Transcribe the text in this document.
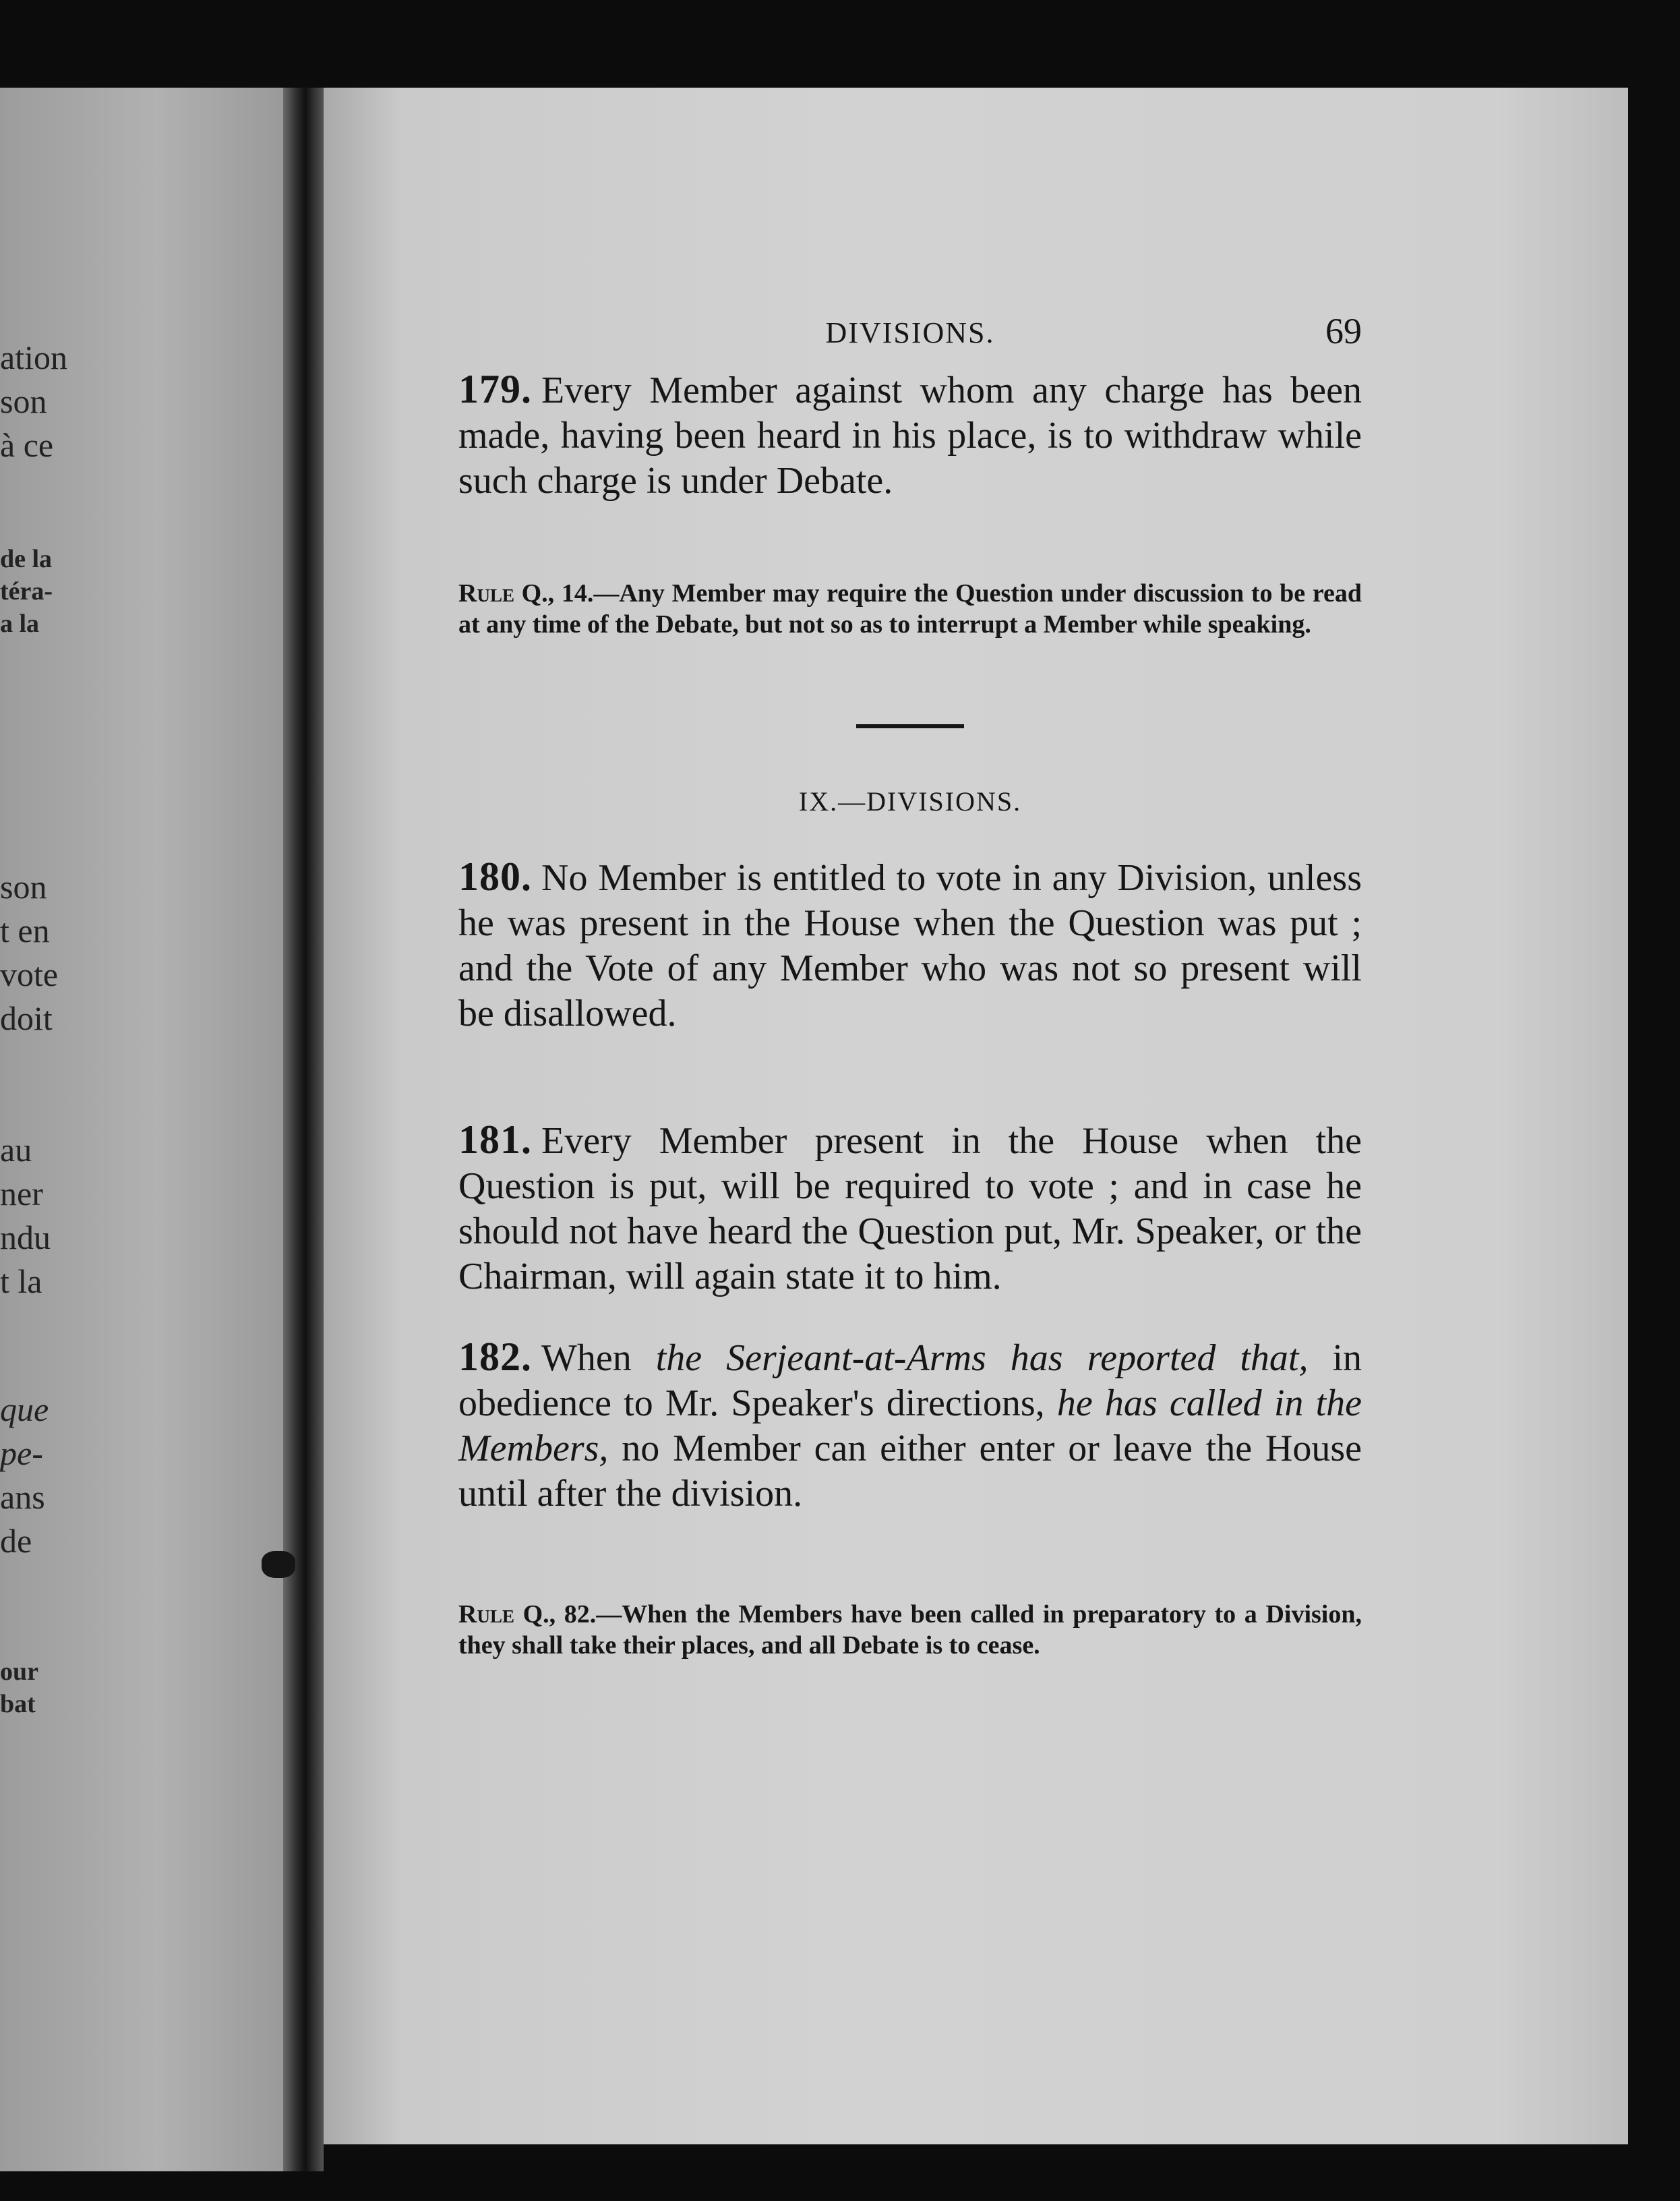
ation
son
à ce
de la
téra-
a la
son
t en
vote
doit
au
ner
ndu
t la
que
pe-
ans
de
our
bat
DIVISIONS.	69

179. Every Member against whom any charge has been made, having been heard in his place, is to withdraw while such charge is under Debate.

Rule Q., 14.—Any Member may require the Question under discussion to be read at any time of the Debate, but not so as to interrupt a Member while speaking.

IX.—DIVISIONS.

180. No Member is entitled to vote in any Division, unless he was present in the House when the Question was put ; and the Vote of any Member who was not so present will be disallowed.

181. Every Member present in the House when the Question is put, will be required to vote ; and in case he should not have heard the Question put, Mr. Speaker, or the Chairman, will again state it to him.

182. When the Serjeant-at-Arms has reported that, in obedience to Mr. Speaker's directions, he has called in the Members, no Member can either enter or leave the House until after the division.

Rule Q., 82.—When the Members have been called in preparatory to a Division, they shall take their places, and all Debate is to cease.
